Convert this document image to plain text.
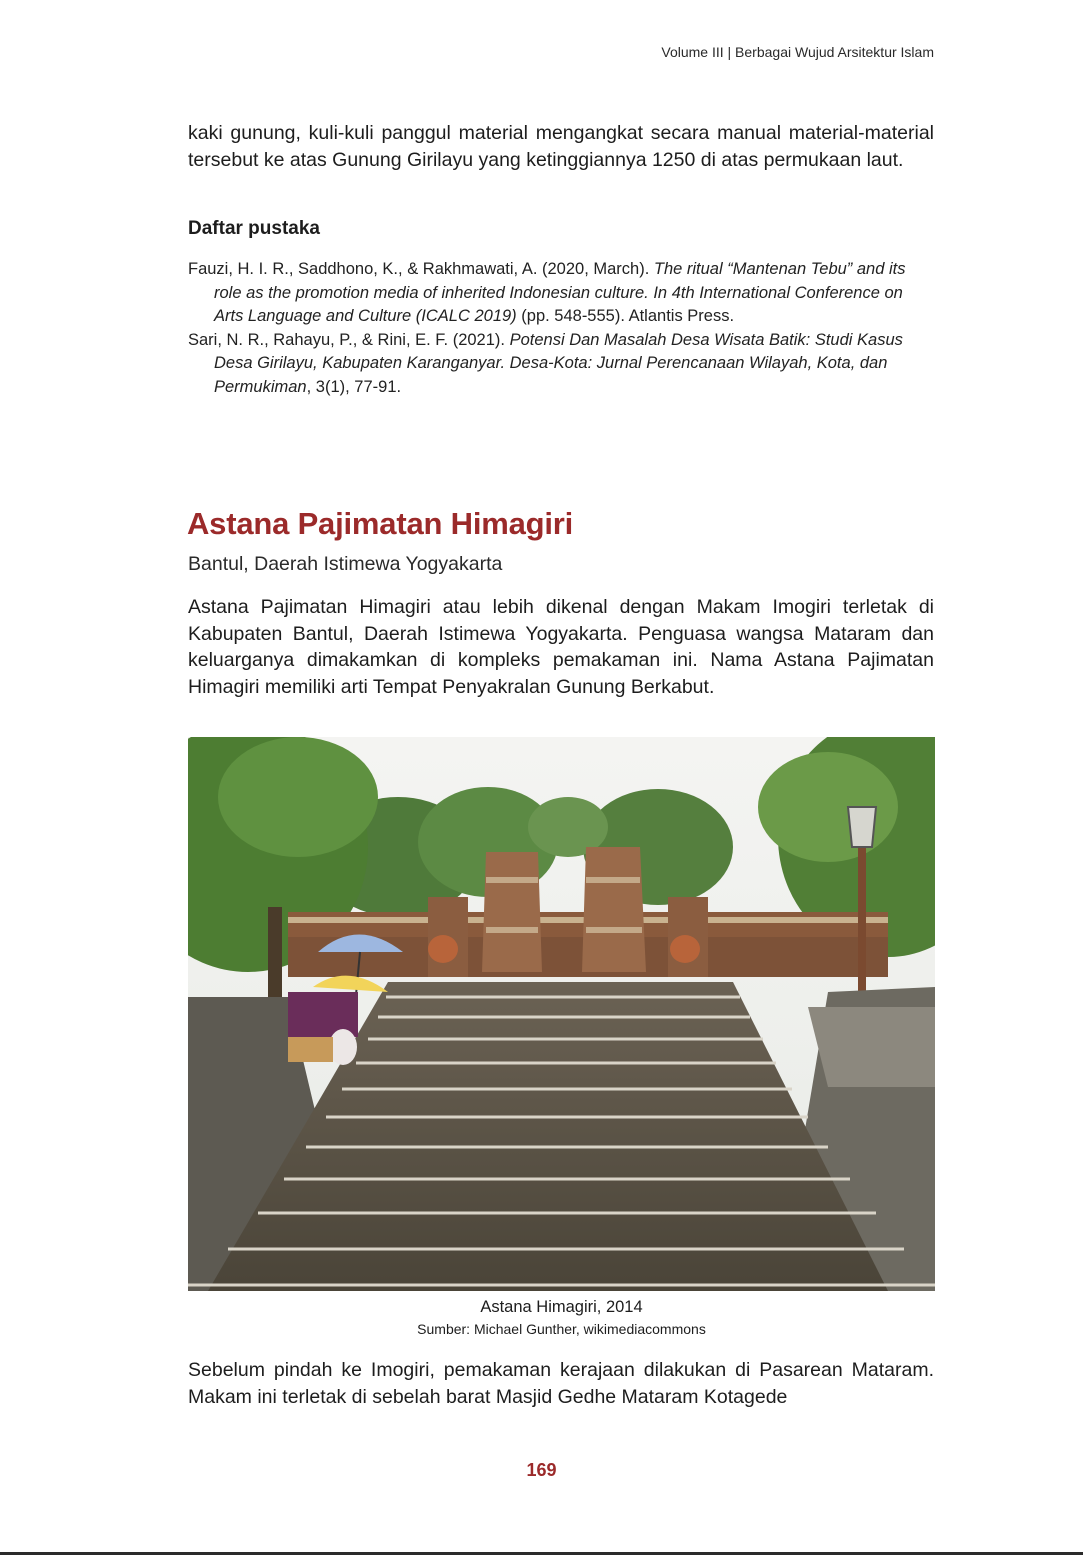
Volume III | Berbagai Wujud Arsitektur Islam

kaki gunung, kuli-kuli panggul material mengangkat secara manual material-material tersebut ke atas Gunung Girilayu yang ketinggiannya 1250 di atas permukaan laut.

Daftar pustaka

Fauzi, H. I. R., Saddhono, K., & Rakhmawati, A. (2020, March). The ritual “Mantenan Tebu” and its role as the promotion media of inherited Indonesian culture. In 4th International Conference on Arts Language and Culture (ICALC 2019) (pp. 548-555). Atlantis Press.

Sari, N. R., Rahayu, P., & Rini, E. F. (2021). Potensi Dan Masalah Desa Wisata Batik: Studi Kasus Desa Girilayu, Kabupaten Karanganyar. Desa-Kota: Jurnal Perencanaan Wilayah, Kota, dan Permukiman, 3(1), 77-91.

Astana Pajimatan Himagiri
Bantul, Daerah Istimewa Yogyakarta

Astana Pajimatan Himagiri atau lebih dikenal dengan Makam Imogiri terletak di Kabupaten Bantul, Daerah Istimewa Yogyakarta. Penguasa wangsa Mataram dan keluarganya dimakamkan di kompleks pemakaman ini. Nama Astana Pajimatan Himagiri memiliki arti Tempat Penyakralan Gunung Berkabut.

Astana Himagiri, 2014
Sumber: Michael Gunther, wikimediacommons

Sebelum pindah ke Imogiri, pemakaman kerajaan dilakukan di Pasarean Mataram. Makam ini terletak di sebelah barat Masjid Gedhe Mataram Kotagede

169
